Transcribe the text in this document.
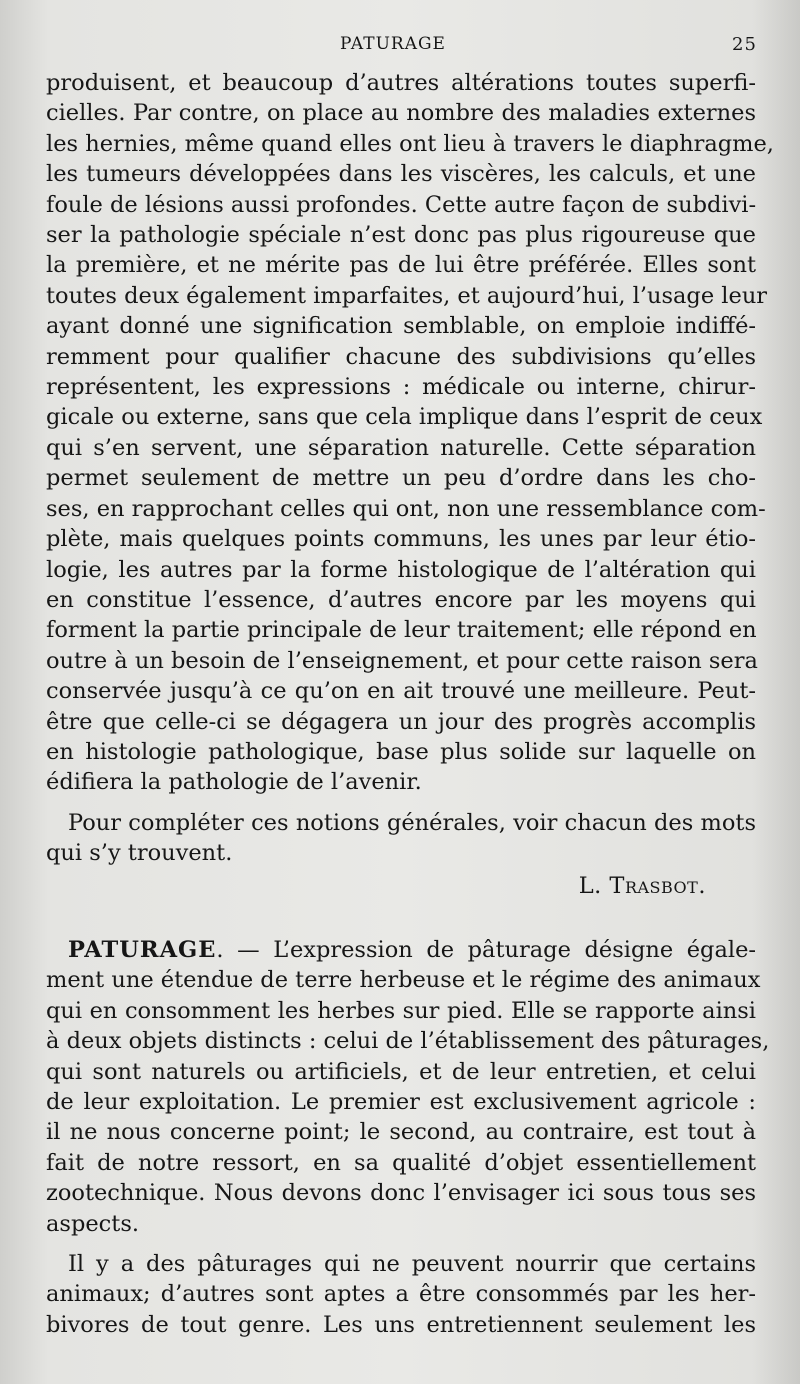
PATURAGE	25
produisent, et beaucoup d’autres altérations toutes superfi-
cielles. Par contre, on place au nombre des maladies externes
les hernies, même quand elles ont lieu à travers le diaphragme,
les tumeurs développées dans les viscères, les calculs, et une
foule de lésions aussi profondes. Cette autre façon de subdivi-
ser la pathologie spéciale n’est donc pas plus rigoureuse que
la première, et ne mérite pas de lui être préférée. Elles sont
toutes deux également imparfaites, et aujourd’hui, l’usage leur
ayant donné une signification semblable, on emploie indiffé-
remment pour qualifier chacune des subdivisions qu’elles
représentent, les expressions : médicale ou interne, chirur-
gicale ou externe, sans que cela implique dans l’esprit de ceux
qui s’en servent, une séparation naturelle. Cette séparation
permet seulement de mettre un peu d’ordre dans les cho-
ses, en rapprochant celles qui ont, non une ressemblance com-
plète, mais quelques points communs, les unes par leur étio-
logie, les autres par la forme histologique de l’altération qui
en constitue l’essence, d’autres encore par les moyens qui
forment la partie principale de leur traitement; elle répond en
outre à un besoin de l’enseignement, et pour cette raison sera
conservée jusqu’à ce qu’on en ait trouvé une meilleure. Peut-
être que celle-ci se dégagera un jour des progrès accomplis
en histologie pathologique, base plus solide sur laquelle on
édifiera la pathologie de l’avenir.
Pour compléter ces notions générales, voir chacun des mots
qui s’y trouvent.
L. Trasbot.
PATURAGE. — L’expression de pâturage désigne égale-
ment une étendue de terre herbeuse et le régime des animaux
qui en consomment les herbes sur pied. Elle se rapporte ainsi
à deux objets distincts : celui de l’établissement des pâturages,
qui sont naturels ou artificiels, et de leur entretien, et celui
de leur exploitation. Le premier est exclusivement agricole :
il ne nous concerne point; le second, au contraire, est tout à
fait de notre ressort, en sa qualité d’objet essentiellement
zootechnique. Nous devons donc l’envisager ici sous tous ses
aspects.
Il y a des pâturages qui ne peuvent nourrir que certains
animaux; d’autres sont aptes a être consommés par les her-
bivores de tout genre. Les uns entretiennent seulement les
